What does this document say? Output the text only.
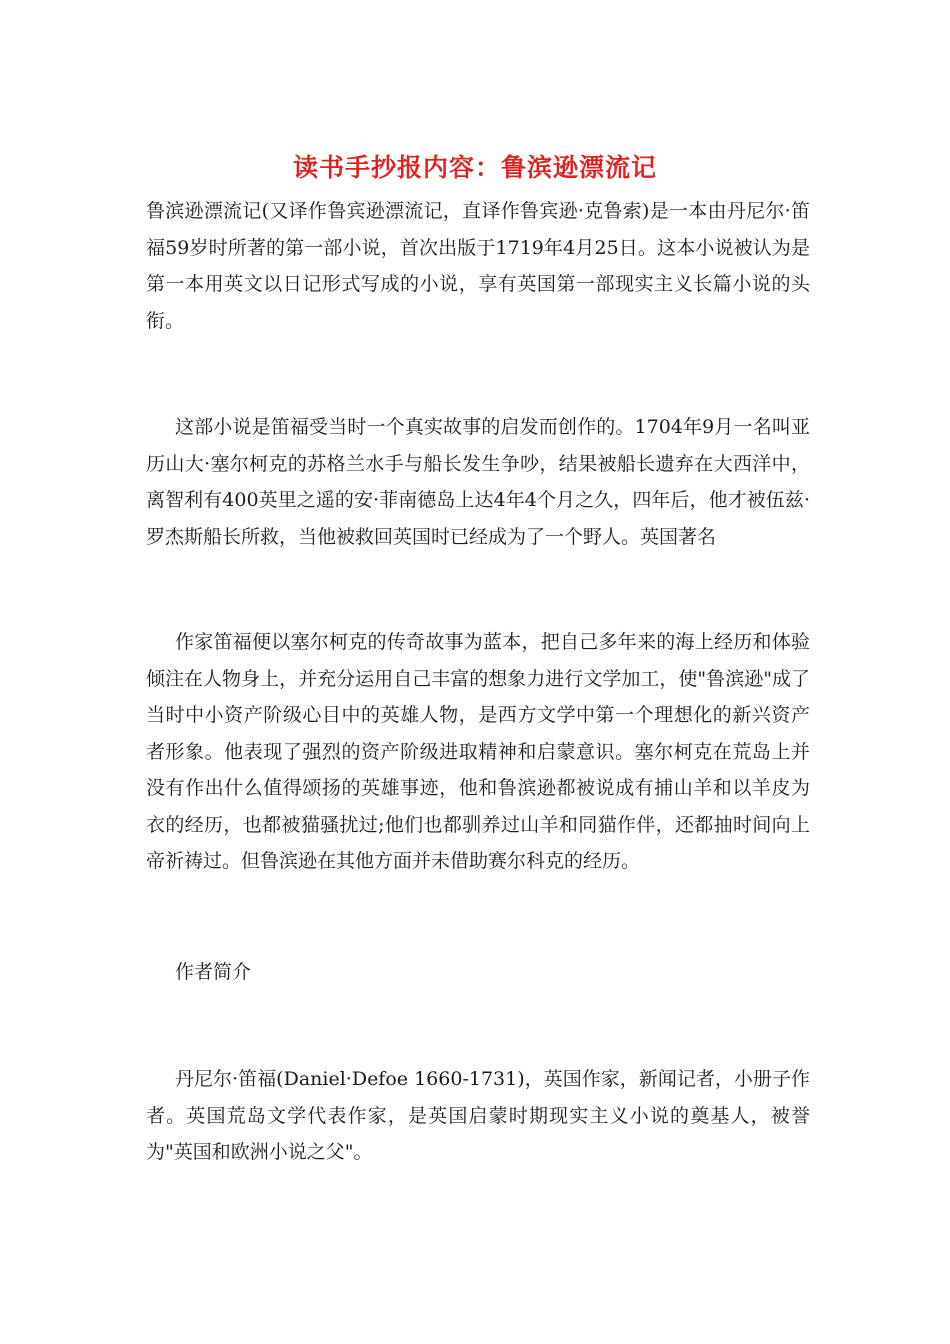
读书手抄报内容：鲁滨逊漂流记

鲁滨逊漂流记(又译作鲁宾逊漂流记，直译作鲁宾逊·克鲁索)是一本由丹尼尔·笛福59岁时所著的第一部小说，首次出版于1719年4月25日。这本小说被认为是第一本用英文以日记形式写成的小说，享有英国第一部现实主义长篇小说的头衔。

这部小说是笛福受当时一个真实故事的启发而创作的。1704年9月一名叫亚历山大·塞尔柯克的苏格兰水手与船长发生争吵，结果被船长遗弃在大西洋中，离智利有400英里之遥的安·菲南德岛上达4年4个月之久，四年后，他才被伍兹·罗杰斯船长所救，当他被救回英国时已经成为了一个野人。英国著名

作家笛福便以塞尔柯克的传奇故事为蓝本，把自己多年来的海上经历和体验倾注在人物身上，并充分运用自己丰富的想象力进行文学加工，使"鲁滨逊"成了当时中小资产阶级心目中的英雄人物，是西方文学中第一个理想化的新兴资产者形象。他表现了强烈的资产阶级进取精神和启蒙意识。塞尔柯克在荒岛上并没有作出什么值得颂扬的英雄事迹，他和鲁滨逊都被说成有捕山羊和以羊皮为衣的经历，也都被猫骚扰过;他们也都驯养过山羊和同猫作伴，还都抽时间向上帝祈祷过。但鲁滨逊在其他方面并未借助赛尔科克的经历。

作者简介

丹尼尔·笛福(Daniel·Defoe 1660-1731)，英国作家，新闻记者，小册子作者。英国荒岛文学代表作家，是英国启蒙时期现实主义小说的奠基人，被誉为"英国和欧洲小说之父"。
